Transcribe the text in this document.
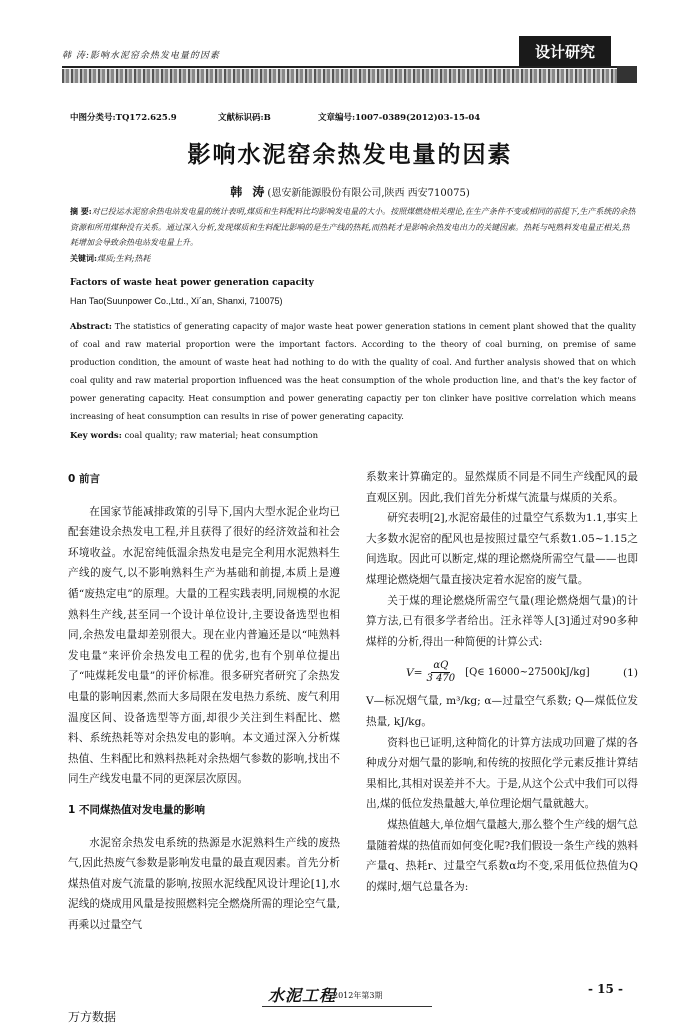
韩 涛:影响水泥窑余热发电量的因素	设计研究
中图分类号:TQ172.625.9	文献标识码:B	文章编号:1007-0389(2012)03-15-04
影响水泥窑余热发电量的因素
韩 涛(恩安新能源股份有限公司,陕西 西安710075)
摘 要:对已投运水泥窑余热电站发电量的统计表明,煤质和生料配料比均影响发电量的大小。按照煤燃烧相关理论,在生产条件不变或相同的前提下,生产系统的余热资源和所用煤种没有关系。通过深入分析,发现煤质和生料配比影响的是生产线的热耗,而热耗才是影响余热发电出力的关键因素。热耗与吨熟料发电量正相关,热耗增加会导致余热电站发电量上升。
关键词:煤质;生料;热耗
Factors of waste heat power generation capacity
Han Tao(Suunpower Co.,Ltd., Xi´an, Shanxi, 710075)
Abstract: The statistics of generating capacity of major waste heat power generation stations in cement plant showed that the quality of coal and raw material proportion were the important factors. According to the theory of coal burning, on premise of same production condition, the amount of waste heat had nothing to do with the quality of coal. And further analysis showed that on which coal qulity and raw material proportion influenced was the heat consumption of the whole production line, and that's the key factor of power generating capacity. Heat consumption and power generating capactiy per ton clinker have positive correlation which means increasing of heat consumption can results in rise of power generating capacity.
Key words: coal quality; raw material; heat consumption

0 前言

在国家节能减排政策的引导下,国内大型水泥企业均已配套建设余热发电工程,并且获得了很好的经济效益和社会环境收益。水泥窑纯低温余热发电是完全利用水泥熟料生产线的废气,以不影响熟料生产为基础和前提,本质上是遵循“废热定电”的原理。大量的工程实践表明,同规模的水泥熟料生产线,甚至同一个设计单位设计,主要设备选型也相同,余热发电量却差别很大。现在业内普遍还是以“吨熟料发电量”来评价余热发电工程的优劣,也有个别单位提出了“吨煤耗发电量”的评价标准。很多研究者研究了余热发电量的影响因素,然而大多局限在发电热力系统、废气利用温度区间、设备选型等方面,却很少关注到生料配比、燃料、系统热耗等对余热发电的影响。本文通过深入分析煤热值、生料配比和熟料热耗对余热烟气参数的影响,找出不同生产线发电量不同的更深层次原因。

1 不同煤热值对发电量的影响

水泥窑余热发电系统的热源是水泥熟料生产线的废热气,因此热废气参数是影响发电量的最直观因素。首先分析煤热值对废气流量的影响,按照水泥线配风设计理论[1],水泥线的烧成用风量是按照燃料完全燃烧所需的理论空气量,再乘以过量空气

系数来计算确定的。显然煤质不同是不同生产线配风的最直观区别。因此,我们首先分析煤气流量与煤质的关系。

研究表明[2],水泥窑最佳的过量空气系数为1.1,事实上大多数水泥窑的配风也是按照过量空气系数1.05~1.15之间选取。因此可以断定,煤的理论燃烧所需空气量——也即煤理论燃烧烟气量直接决定着水泥窑的废气量。

关于煤的理论燃烧所需空气量(理论燃烧烟气量)的计算方法,已有很多学者给出。汪永祥等人[3]通过对90多种煤样的分析,得出一种简便的计算公式:

$V= \frac{\alpha Q}{3 470}$ [Q∈ 16000~27500kJ/kg]	(1)

V—标况烟气量, m³/kg; α—过量空气系数; Q—煤低位发热量, kJ/kg。

资料也已证明,这种简化的计算方法成功回避了煤的各种成分对烟气量的影响,和传统的按照化学元素反推计算结果相比,其相对误差并不大。于是,从这个公式中我们可以得出,煤的低位发热量越大,单位理论烟气量就越大。

煤热值越大,单位烟气量越大,那么整个生产线的烟气总量随着煤的热值而如何变化呢?我们假设一条生产线的熟料产量q、热耗r、过量空气系数α均不变,采用低位热值为Q的煤时,烟气总量各为:

水泥工程
2012年第3期	- 15 -
万方数据
